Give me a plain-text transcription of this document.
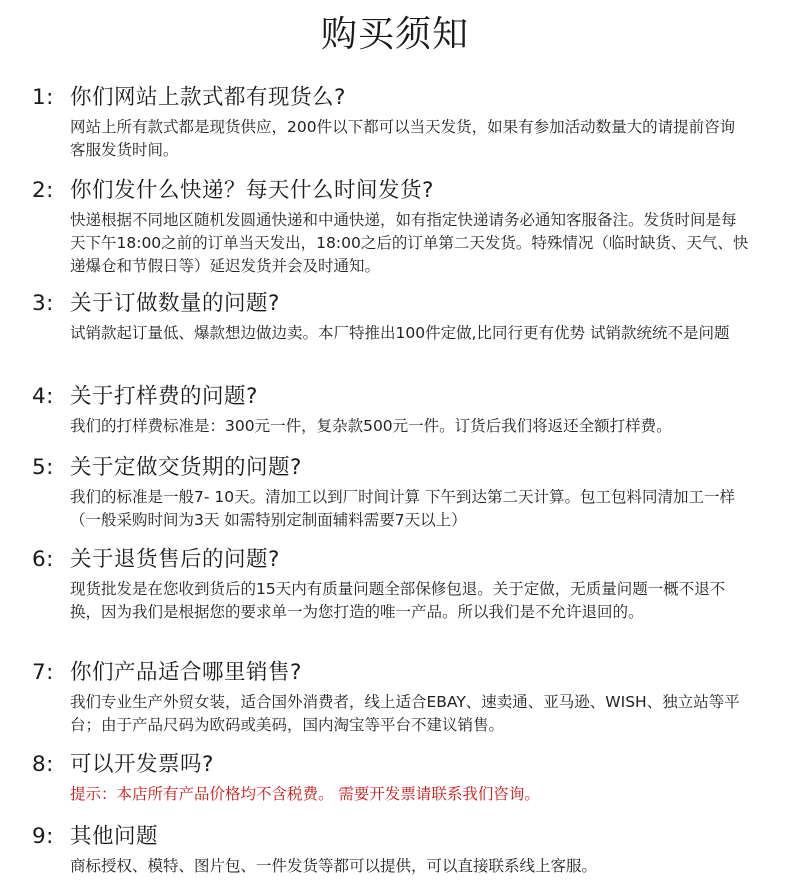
购买须知
1: 你们网站上款式都有现货么?
网站上所有款式都是现货供应，200件以下都可以当天发货，如果有参加活动数量大的请提前咨询客服发货时间。
2: 你们发什么快递？每天什么时间发货?
快递根据不同地区随机发圆通快递和中通快递，如有指定快递请务必通知客服备注。发货时间是每天下午18:00之前的订单当天发出，18:00之后的订单第二天发货。特殊情况（临时缺货、天气、快递爆仓和节假日等）延迟发货并会及时通知。
3: 关于订做数量的问题?
试销款起订量低、爆款想边做边卖。本厂特推出100件定做,比同行更有优势 试销款统统不是问题
4: 关于打样费的问题?
我们的打样费标准是：300元一件，复杂款500元一件。订货后我们将返还全额打样费。
5: 关于定做交货期的问题?
我们的标准是一般7- 10天。清加工以到厂时间计算 下午到达第二天计算。包工包料同清加工一样（一般采购时间为3天 如需特别定制面辅料需要7天以上）
6: 关于退货售后的问题?
现货批发是在您收到货后的15天内有质量问题全部保修包退。关于定做，无质量问题一概不退不换，因为我们是根据您的要求单一为您打造的唯一产品。所以我们是不允许退回的。
7: 你们产品适合哪里销售?
我们专业生产外贸女装，适合国外消费者，线上适合EBAY、速卖通、亚马逊、WISH、独立站等平台；由于产品尺码为欧码或美码，国内淘宝等平台不建议销售。
8: 可以开发票吗?
提示：本店所有产品价格均不含税费。 需要开发票请联系我们咨询。
9: 其他问题
商标授权、模特、图片包、一件发货等都可以提供，可以直接联系线上客服。
